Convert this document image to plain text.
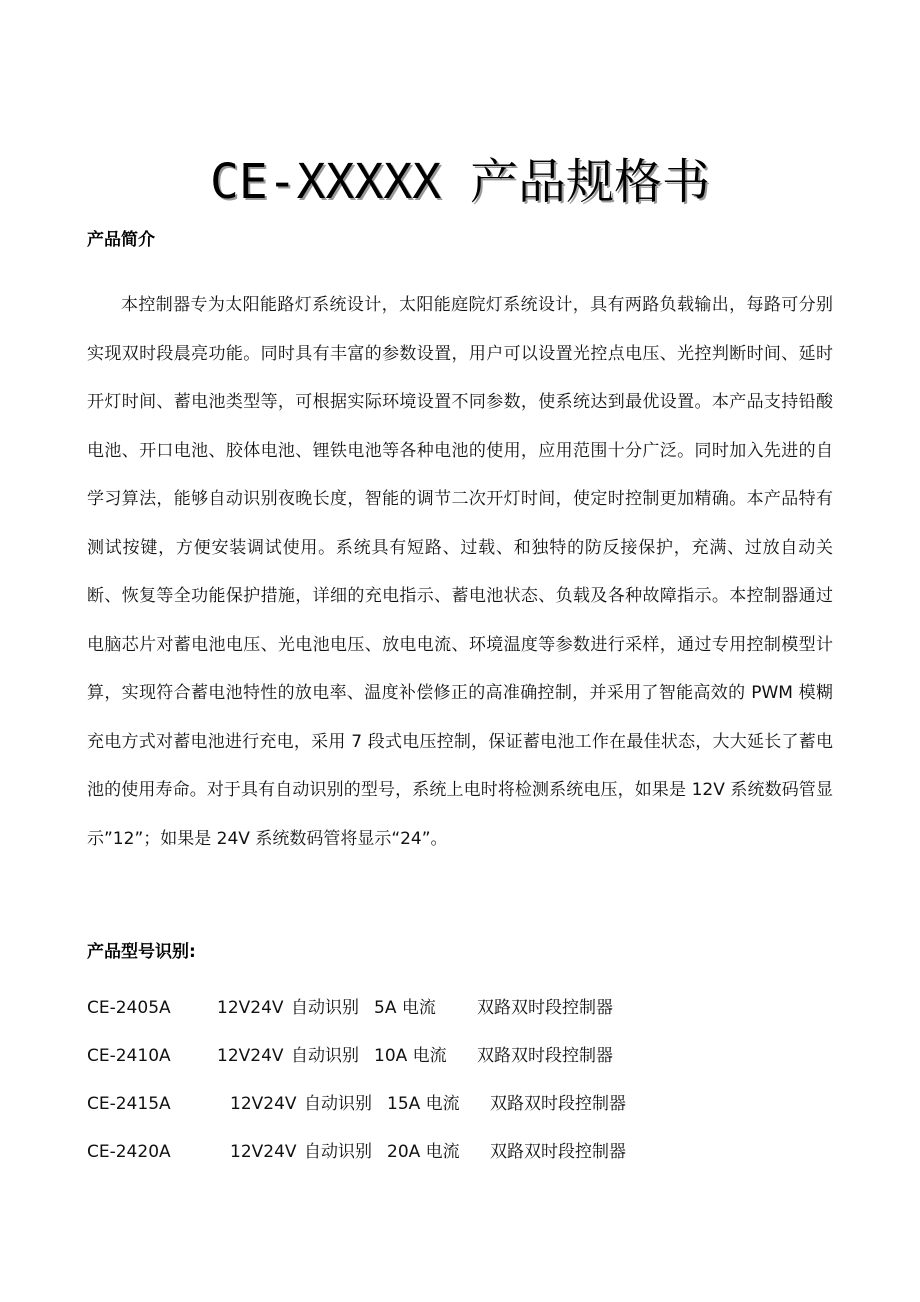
CE-XXXXX 产品规格书
产品简介

本控制器专为太阳能路灯系统设计，太阳能庭院灯系统设计，具有两路负载输出，每路可分别实现双时段晨亮功能。同时具有丰富的参数设置，用户可以设置光控点电压、光控判断时间、延时开灯时间、蓄电池类型等，可根据实际环境设置不同参数，使系统达到最优设置。本产品支持铅酸电池、开口电池、胶体电池、锂铁电池等各种电池的使用，应用范围十分广泛。同时加入先进的自学习算法，能够自动识别夜晚长度，智能的调节二次开灯时间，使定时控制更加精确。本产品特有测试按键，方便安装调试使用。系统具有短路、过载、和独特的防反接保护，充满、过放自动关断、恢复等全功能保护措施，详细的充电指示、蓄电池状态、负载及各种故障指示。本控制器通过电脑芯片对蓄电池电压、光电池电压、放电电流、环境温度等参数进行采样，通过专用控制模型计算，实现符合蓄电池特性的放电率、温度补偿修正的高准确控制，并采用了智能高效的 PWM 模糊充电方式对蓄电池进行充电，采用 7 段式电压控制，保证蓄电池工作在最佳状态，大大延长了蓄电池的使用寿命。对于具有自动识别的型号，系统上电时将检测系统电压，如果是 12V 系统数码管显示”12”；如果是 24V 系统数码管将显示“24”。

产品型号识别:
CE-2405A	12V24V 自动识别 5A 电流 双路双时段控制器
CE-2410A	12V24V 自动识别 10A 电流 双路双时段控制器
CE-2415A	12V24V 自动识别 15A 电流 双路双时段控制器
CE-2420A	12V24V 自动识别 20A 电流 双路双时段控制器
